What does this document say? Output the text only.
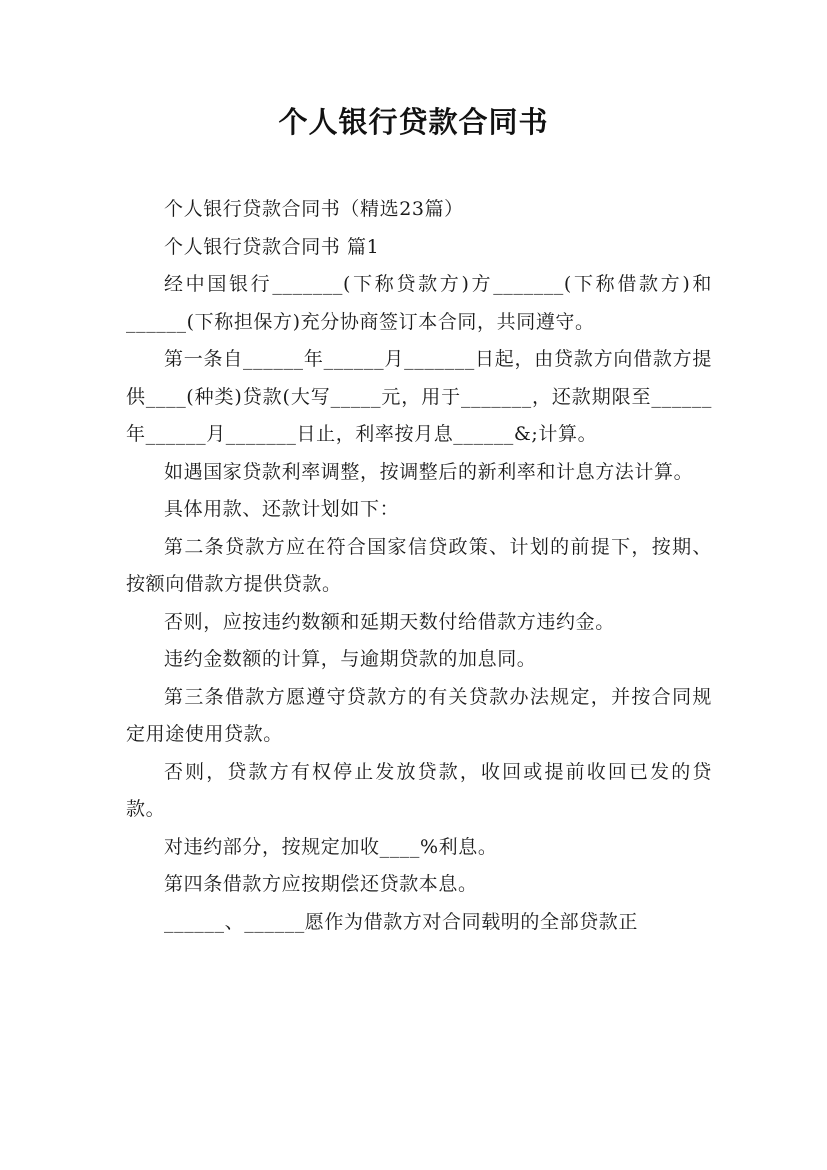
个人银行贷款合同书

个人银行贷款合同书（精选23篇）

个人银行贷款合同书 篇1

经中国银行_______(下称贷款方)方_______(下称借款方)和______(下称担保方)充分协商签订本合同，共同遵守。

第一条自______年______月_______日起，由贷款方向借款方提供____(种类)贷款(大写_____元，用于_______，还款期限至______年______月_______日止，利率按月息______&;计算。

如遇国家贷款利率调整，按调整后的新利率和计息方法计算。

具体用款、还款计划如下：

第二条贷款方应在符合国家信贷政策、计划的前提下，按期、按额向借款方提供贷款。

否则，应按违约数额和延期天数付给借款方违约金。

违约金数额的计算，与逾期贷款的加息同。

第三条借款方愿遵守贷款方的有关贷款办法规定，并按合同规定用途使用贷款。

否则，贷款方有权停止发放贷款，收回或提前收回已发的贷款。

对违约部分，按规定加收____%利息。

第四条借款方应按期偿还贷款本息。

______、______愿作为借款方对合同载明的全部贷款正
